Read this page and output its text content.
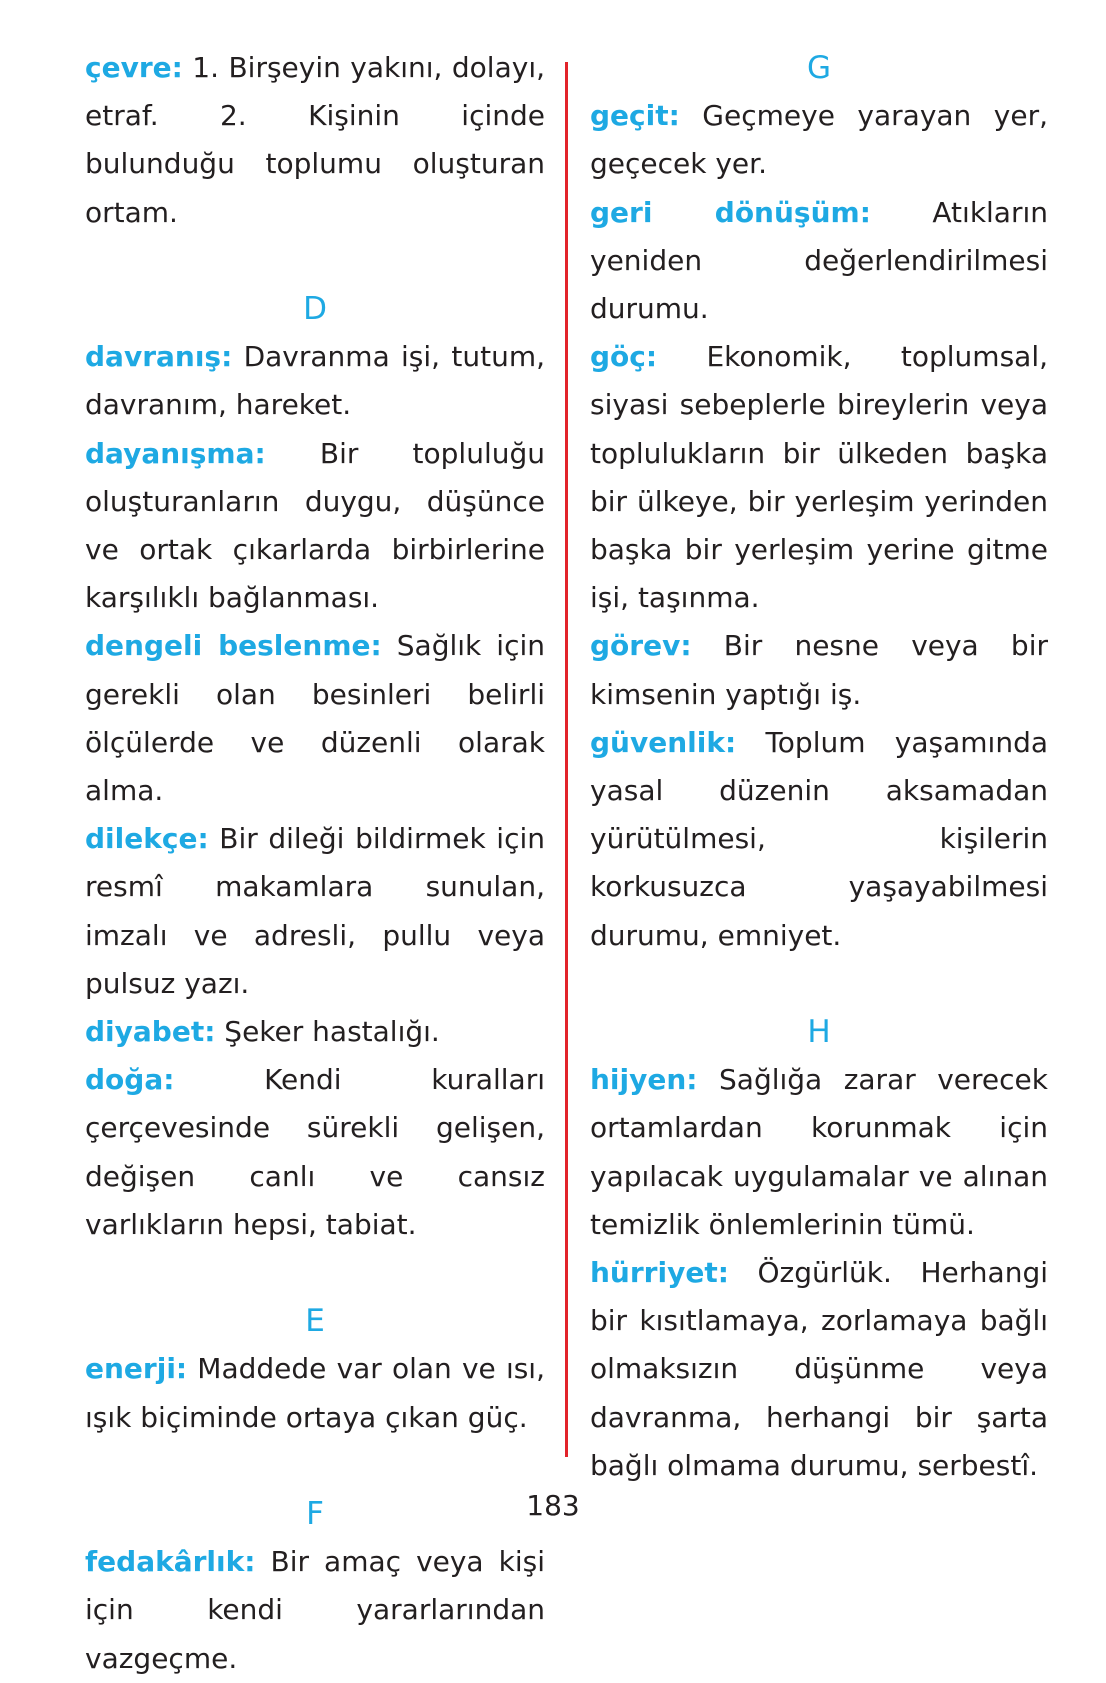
çevre: 1. Birşeyin yakını, dolayı, etraf. 2. Kişinin içinde bulunduğu toplumu oluşturan ortam.

D

davranış: Davranma işi, tutum, davranım, hareket.

dayanışma: Bir topluluğu oluşturanların duygu, düşünce ve ortak çıkarlarda birbirlerine karşılıklı bağlanması.

dengeli beslenme: Sağlık için gerekli olan besinleri belirli ölçülerde ve düzenli olarak alma.

dilekçe: Bir dileği bildirmek için resmî makamlara sunulan, imzalı ve adresli, pullu veya pulsuz yazı.

diyabet: Şeker hastalığı.

doğa: Kendi kuralları çerçevesinde sürekli gelişen, değişen canlı ve cansız varlıkların hepsi, tabiat.

E

enerji: Maddede var olan ve ısı, ışık biçiminde ortaya çıkan güç.

F

fedakârlık: Bir amaç veya kişi için kendi yararlarından vazgeçme.

G

geçit: Geçmeye yarayan yer, geçecek yer.

geri dönüşüm: Atıkların yeniden değerlendirilmesi durumu.

göç: Ekonomik, toplumsal, siyasi sebeplerle bireylerin veya toplulukların bir ülkeden başka bir ülkeye, bir yerleşim yerinden başka bir yerleşim yerine gitme işi, taşınma.

görev: Bir nesne veya bir kimsenin yaptığı iş.

güvenlik: Toplum yaşamında yasal düzenin aksamadan yürütülmesi, kişilerin korkusuzca yaşayabilmesi durumu, emniyet.

H

hijyen: Sağlığa zarar verecek ortamlardan korunmak için yapılacak uygulamalar ve alınan temizlik önlemlerinin tümü.

hürriyet: Özgürlük. Herhangi bir kısıtlamaya, zorlamaya bağlı olmaksızın düşünme veya davranma, herhangi bir şarta bağlı olmama durumu, serbestî.

183
